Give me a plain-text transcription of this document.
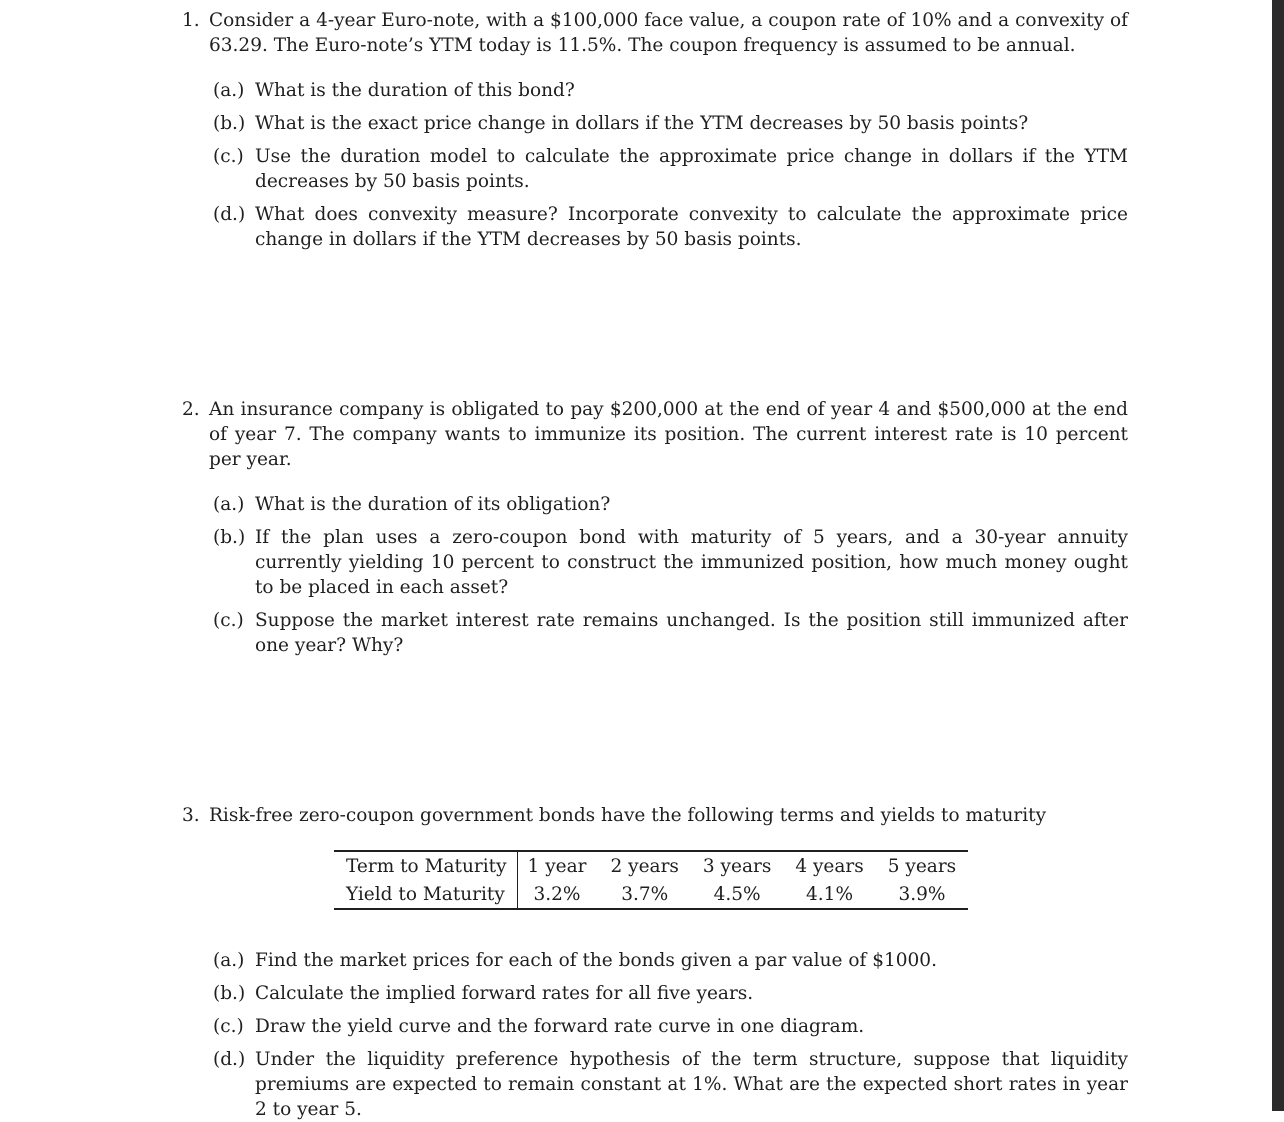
1. Consider a 4-year Euro-note, with a $100,000 face value, a coupon rate of 10% and a convexity of 63.29. The Euro-note’s YTM today is 11.5%. The coupon frequency is assumed to be annual.
(a.) What is the duration of this bond?
(b.) What is the exact price change in dollars if the YTM decreases by 50 basis points?
(c.) Use the duration model to calculate the approximate price change in dollars if the YTM decreases by 50 basis points.
(d.) What does convexity measure? Incorporate convexity to calculate the approximate price change in dollars if the YTM decreases by 50 basis points.
2. An insurance company is obligated to pay $200,000 at the end of year 4 and $500,000 at the end of year 7. The company wants to immunize its position. The current interest rate is 10 percent per year.
(a.) What is the duration of its obligation?
(b.) If the plan uses a zero-coupon bond with maturity of 5 years, and a 30-year annuity currently yielding 10 percent to construct the immunized position, how much money ought to be placed in each asset?
(c.) Suppose the market interest rate remains unchanged. Is the position still immunized after one year? Why?
3. Risk-free zero-coupon government bonds have the following terms and yields to maturity
Term to Maturity	1 year	2 years	3 years	4 years	5 years
Yield to Maturity	3.2%	3.7%	4.5%	4.1%	3.9%
(a.) Find the market prices for each of the bonds given a par value of $1000.
(b.) Calculate the implied forward rates for all five years.
(c.) Draw the yield curve and the forward rate curve in one diagram.
(d.) Under the liquidity preference hypothesis of the term structure, suppose that liquidity premiums are expected to remain constant at 1%. What are the expected short rates in year 2 to year 5.
